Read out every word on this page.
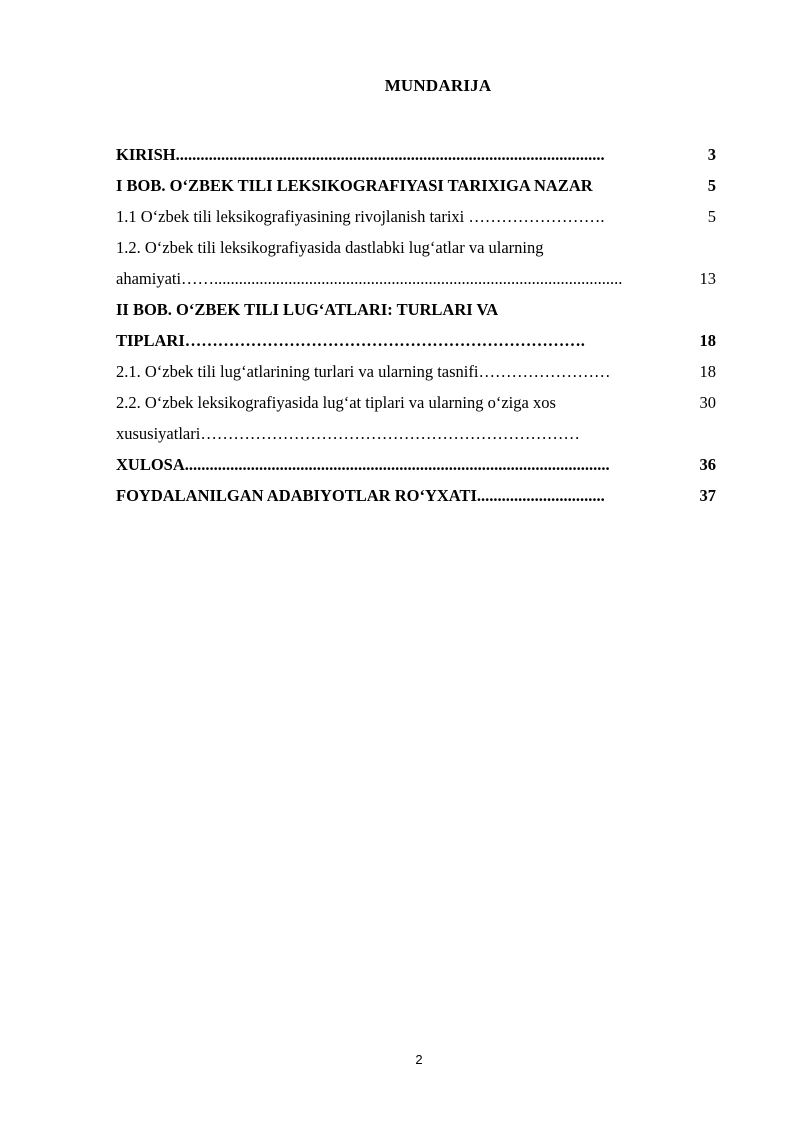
MUNDARIJA
KIRISH........................................................................................................	3
I BOB. O‘ZBEK TILI LEKSIKOGRAFIYASI TARIXIGA NAZAR	5
1.1 O‘zbek tili leksikografiyasining rivojlanish tarixi …………………….	5
1.2. O‘zbek tili leksikografiyasida dastlabki lug‘atlar va ularning
ahamiyati……...................................................................................................	13
II BOB. O‘ZBEK TILI LUG‘ATLARI: TURLARI VA
TIPLARI……………………………………………………………….	18
2.1. O‘zbek tili lug‘atlarining turlari va ularning tasnifi……………………	18
2.2. O‘zbek leksikografiyasida lug‘at tiplari va ularning o‘ziga xos	30
xususiyatlari……………………………………………………………
XULOSA.......................................................................................................	36
FOYDALANILGAN ADABIYOTLAR RO‘YXATI...............................	37
2
